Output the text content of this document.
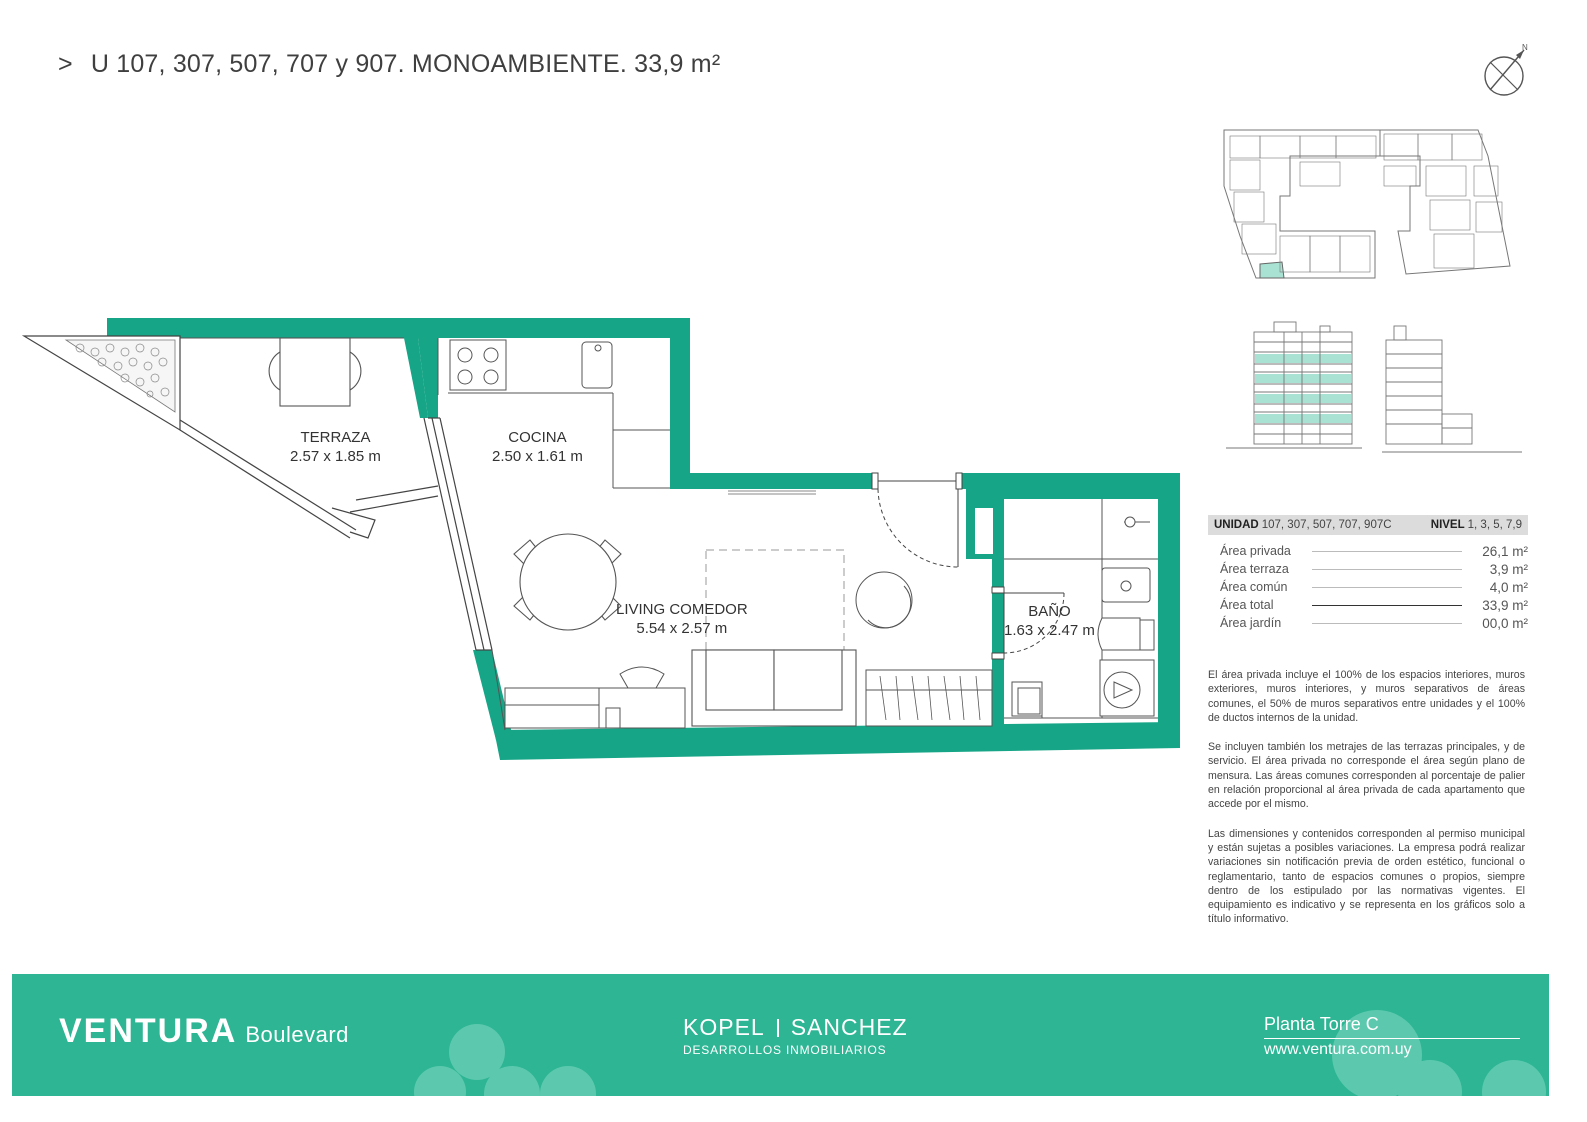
> U 107, 307, 507, 707 y 907. MONOAMBIENTE. 33,9 m²
N
TERRAZA
2.57 x 1.85 m
COCINA
2.50 x 1.61 m
LIVING COMEDOR
5.54 x 2.57 m
BAÑO
1.63 x 2.47 m
UNIDAD 107, 307, 507, 707, 907C	NIVEL 1, 3, 5, 7,9
Área privada	26,1 m²
Área terraza	3,9 m²
Área común	4,0 m²
Área total	33,9 m²
Área jardín	00,0 m²

El área privada incluye el 100% de los espacios interiores, muros exteriores, muros interiores, y muros separativos de áreas comunes, el 50% de muros separativos entre unidades y el 100% de ductos internos de la unidad.

Se incluyen también los metrajes de las terrazas principales, y de servicio. El área privada no corresponde el área según plano de mensura. Las áreas comunes corresponden al porcentaje de palier en relación proporcional al área privada de cada apartamento que accede por el mismo.

Las dimensiones y contenidos corresponden al permiso municipal y están sujetas a posibles variaciones. La empresa podrá realizar variaciones sin notificación previa de orden estético, funcional o reglamentario, tanto de espacios comunes o propios, siempre dentro de los estipulado por las normativas vigentes. El equipamiento es indicativo y se representa en los gráficos solo a título informativo.

VENTURA Boulevard	KOPEL SANCHEZ
DESARROLLOS INMOBILIARIOS
Planta Torre C
www.ventura.com.uy
